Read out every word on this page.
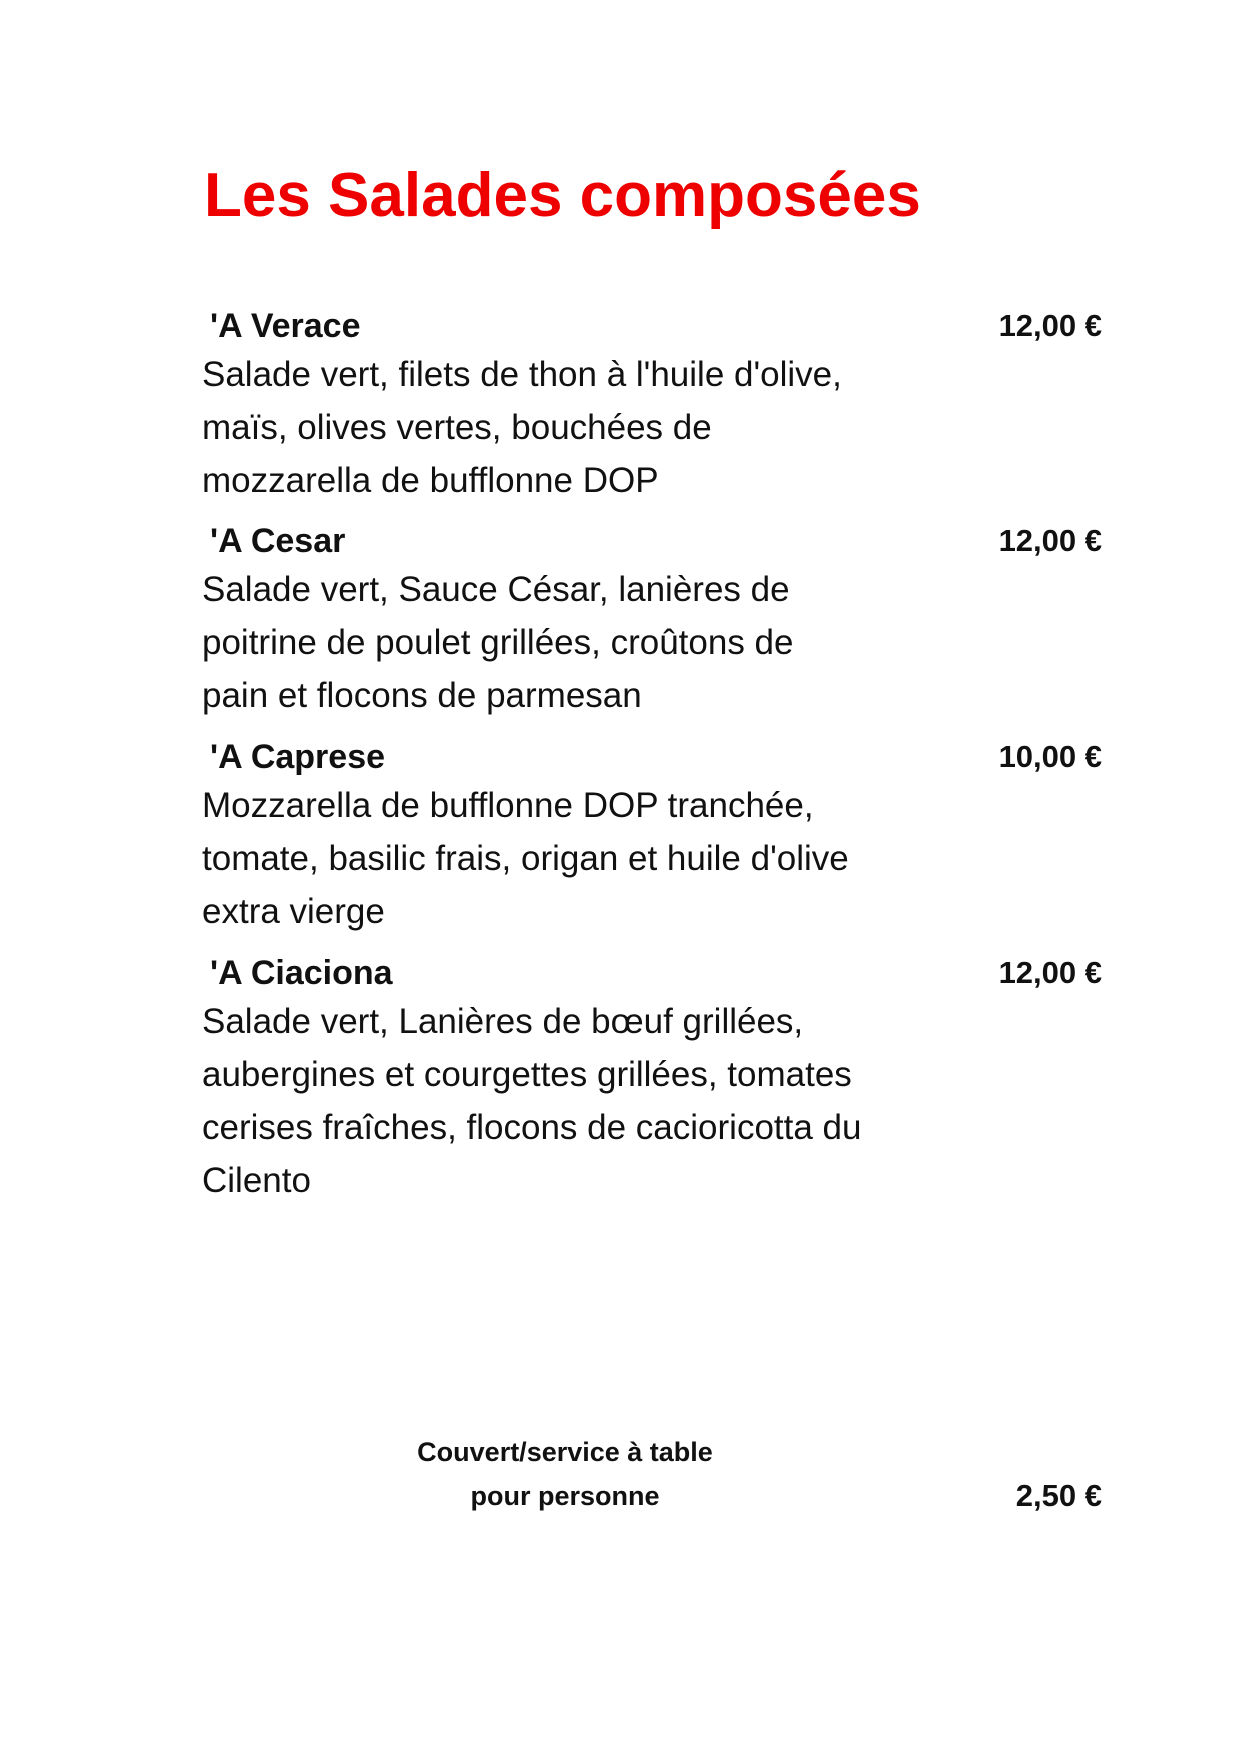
Les Salades composées
'A Verace	12,00 €
Salade vert, filets de thon à l'huile d'olive,
maïs, olives vertes, bouchées de
mozzarella de bufflonne DOP
'A Cesar	12,00 €
Salade vert, Sauce César, lanières de
poitrine de poulet grillées, croûtons de
pain et flocons de parmesan
'A Caprese	10,00 €
Mozzarella de bufflonne DOP tranchée,
tomate, basilic frais, origan et huile d'olive
extra vierge
'A Ciaciona	12,00 €
Salade vert, Lanières de bœuf grillées,
aubergines et courgettes grillées, tomates
cerises fraîches, flocons de cacioricotta du
Cilento
Couvert/service à table
pour personne	2,50 €
